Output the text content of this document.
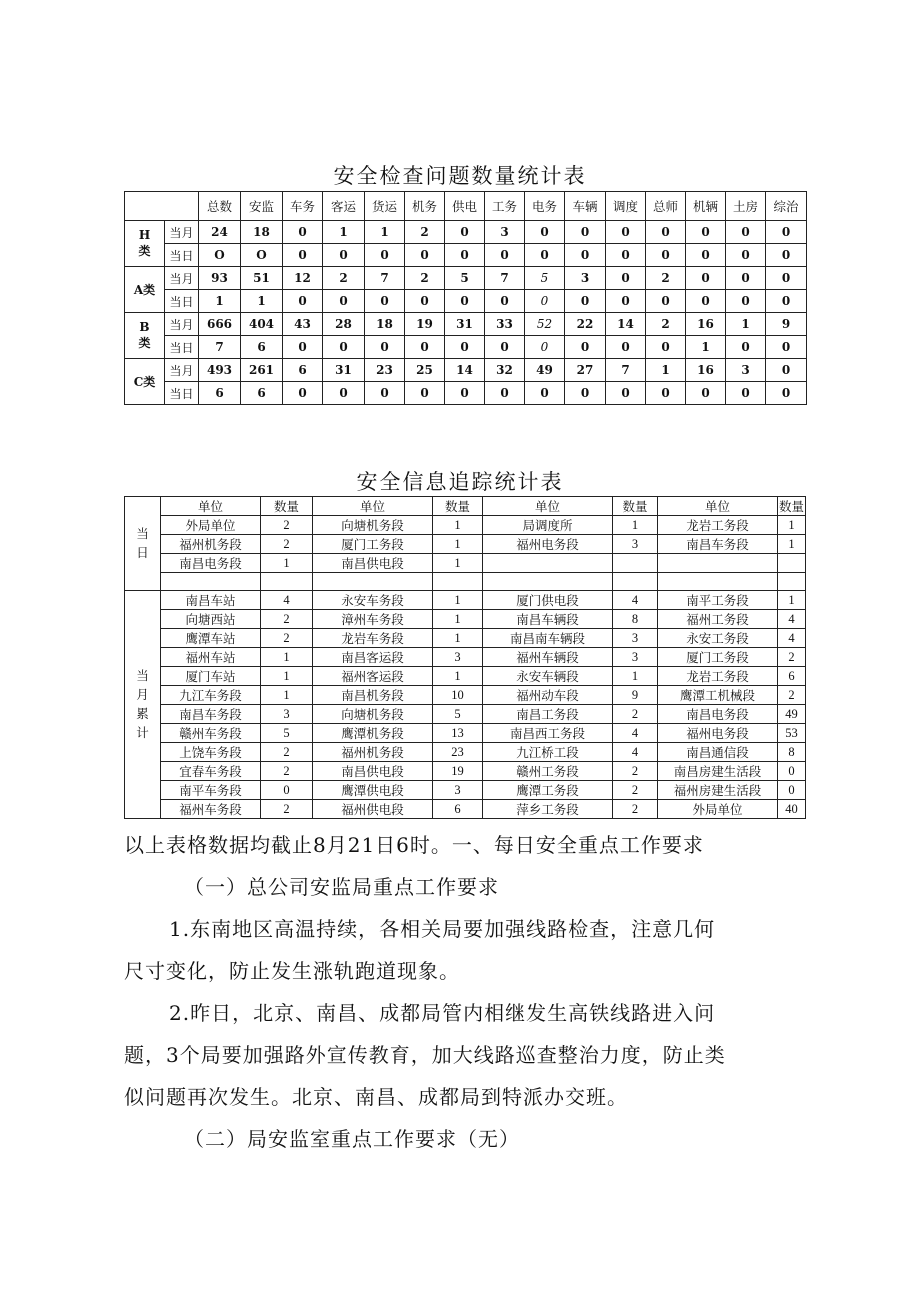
安全检查问题数量统计表
		总数	安监	车务	客运	货运	机务	供电	工务	电务	车辆	调度	总师	机辆	土房	综治
H
类	当月	24	18	0	1	1	2	0	3	0	0	0	0	0	0	0
	当日	O	O	0	0	0	0	0	0	0	0	0	0	0	0	0
A类	当月	93	51	12	2	7	2	5	7	5	3	0	2	0	0	0
	当日	1	1	0	0	0	0	0	0	0	0	0	0	0	0	0
B
类	当月	666	404	43	28	18	19	31	33	52	22	14	2	16	1	9
	当日	7	6	0	0	0	0	0	0	0	0	0	0	1	0	0
C类	当月	493	261	6	31	23	25	14	32	49	27	7	1	16	3	0
	当日	6	6	0	0	0	0	0	0	0	0	0	0	0	0	0
安全信息追踪统计表
当
日	单位	数量	单位	数量	单位	数量	单位	数量
	外局单位	2	向塘机务段	1	局调度所	1	龙岩工务段	1
	福州机务段	2	厦门工务段	1	福州电务段	3	南昌车务段	1
	南昌电务段	1	南昌供电段	1				

当
月
累
计	南昌车站	4	永安车务段	1	厦门供电段	4	南平工务段	1
	向塘西站	2	漳州车务段	1	南昌车辆段	8	福州工务段	4
	鹰潭车站	2	龙岩车务段	1	南昌南车辆段	3	永安工务段	4
	福州车站	1	南昌客运段	3	福州车辆段	3	厦门工务段	2
	厦门车站	1	福州客运段	1	永安车辆段	1	龙岩工务段	6
	九江车务段	1	南昌机务段	10	福州动车段	9	鹰潭工机械段	2
	南昌车务段	3	向塘机务段	5	南昌工务段	2	南昌电务段	49
	赣州车务段	5	鹰潭机务段	13	南昌西工务段	4	福州电务段	53
	上饶车务段	2	福州机务段	23	九江桥工段	4	南昌通信段	8
	宜春车务段	2	南昌供电段	19	赣州工务段	2	南昌房建生活段	0
	南平车务段	0	鹰潭供电段	3	鹰潭工务段	2	福州房建生活段	0
	福州车务段	2	福州供电段	6	萍乡工务段	2	外局单位	40
以上表格数据均截止8月21日6时。一、每日安全重点工作要求
（一）总公司安监局重点工作要求
1.东南地区高温持续，各相关局要加强线路检查，注意几何
尺寸变化，防止发生涨轨跑道现象。
2.昨日，北京、南昌、成都局管内相继发生高铁线路进入问
题，3个局要加强路外宣传教育，加大线路巡查整治力度，防止类
似问题再次发生。北京、南昌、成都局到特派办交班。
（二）局安监室重点工作要求（无）
